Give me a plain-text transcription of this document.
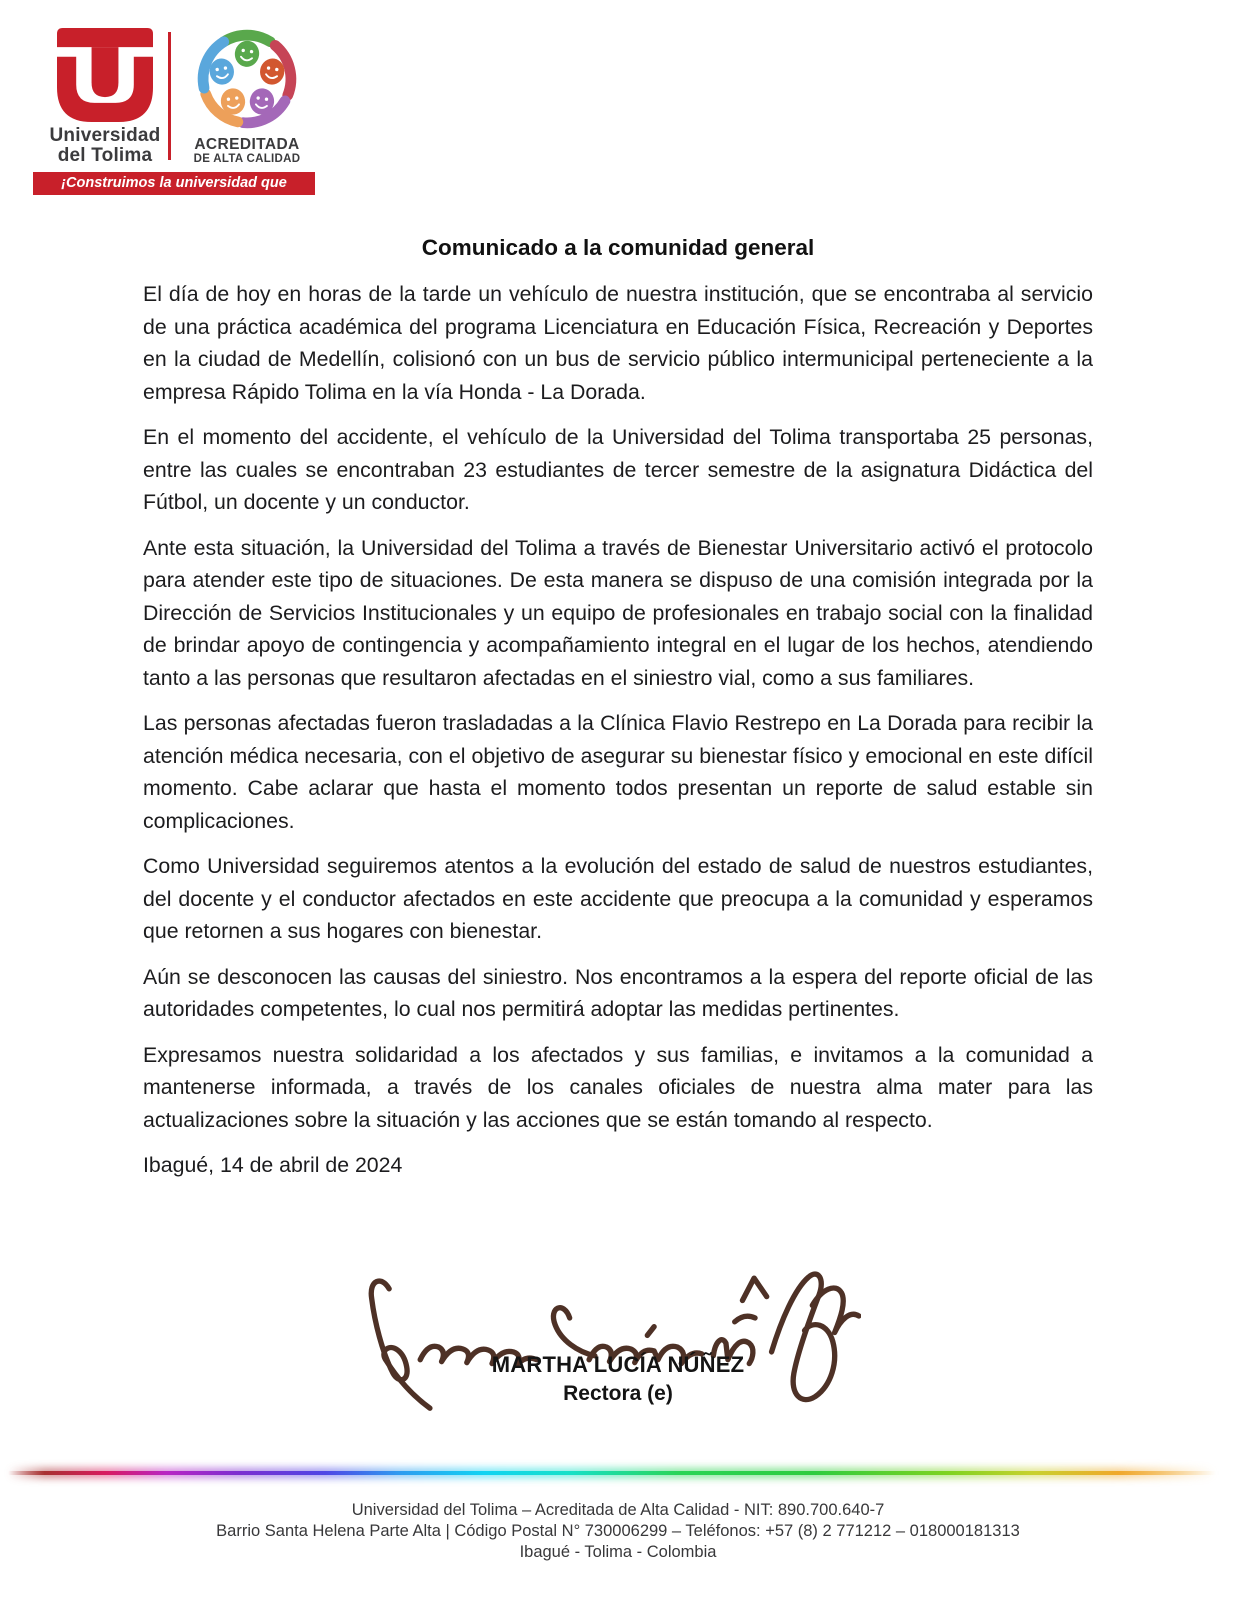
Universidad
del Tolima
ACREDITADA
DE ALTA CALIDAD
¡Construimos la universidad que soñamos!
Comunicado a la comunidad general

El día de hoy en horas de la tarde un vehículo de nuestra institución, que se encontraba al servicio de una práctica académica del programa Licenciatura en Educación Física, Recreación y Deportes en la ciudad de Medellín, colisionó con un bus de servicio público intermunicipal perteneciente a la empresa Rápido Tolima en la vía Honda - La Dorada.

En el momento del accidente, el vehículo de la Universidad del Tolima transportaba 25 personas, entre las cuales se encontraban 23 estudiantes de tercer semestre de la asignatura Didáctica del Fútbol, un docente y un conductor.

Ante esta situación, la Universidad del Tolima a través de Bienestar Universitario activó el protocolo para atender este tipo de situaciones. De esta manera se dispuso de una comisión integrada por la Dirección de Servicios Institucionales y un equipo de profesionales en trabajo social con la finalidad de brindar apoyo de contingencia y acompañamiento integral en el lugar de los hechos, atendiendo tanto a las personas que resultaron afectadas en el siniestro vial, como a sus familiares.

Las personas afectadas fueron trasladadas a la Clínica Flavio Restrepo en La Dorada para recibir la atención médica necesaria, con el objetivo de asegurar su bienestar físico y emocional en este difícil momento. Cabe aclarar que hasta el momento todos presentan un reporte de salud estable sin complicaciones.

Como Universidad seguiremos atentos a la evolución del estado de salud de nuestros estudiantes, del docente y el conductor afectados en este accidente que preocupa a la comunidad y esperamos que retornen a sus hogares con bienestar.

Aún se desconocen las causas del siniestro. Nos encontramos a la espera del reporte oficial de las autoridades competentes, lo cual nos permitirá adoptar las medidas pertinentes.

Expresamos nuestra solidaridad a los afectados y sus familias, e invitamos a la comunidad a mantenerse informada, a través de los canales oficiales de nuestra alma mater para las actualizaciones sobre la situación y las acciones que se están tomando al respecto.

Ibagué, 14 de abril de 2024

MARTHA LUCÍA NÚÑEZ
Rectora (e)
Universidad del Tolima – Acreditada de Alta Calidad - NIT: 890.700.640-7
Barrio Santa Helena Parte Alta | Código Postal N° 730006299 – Teléfonos: +57 (8) 2 771212 – 018000181313
Ibagué - Tolima - Colombia
